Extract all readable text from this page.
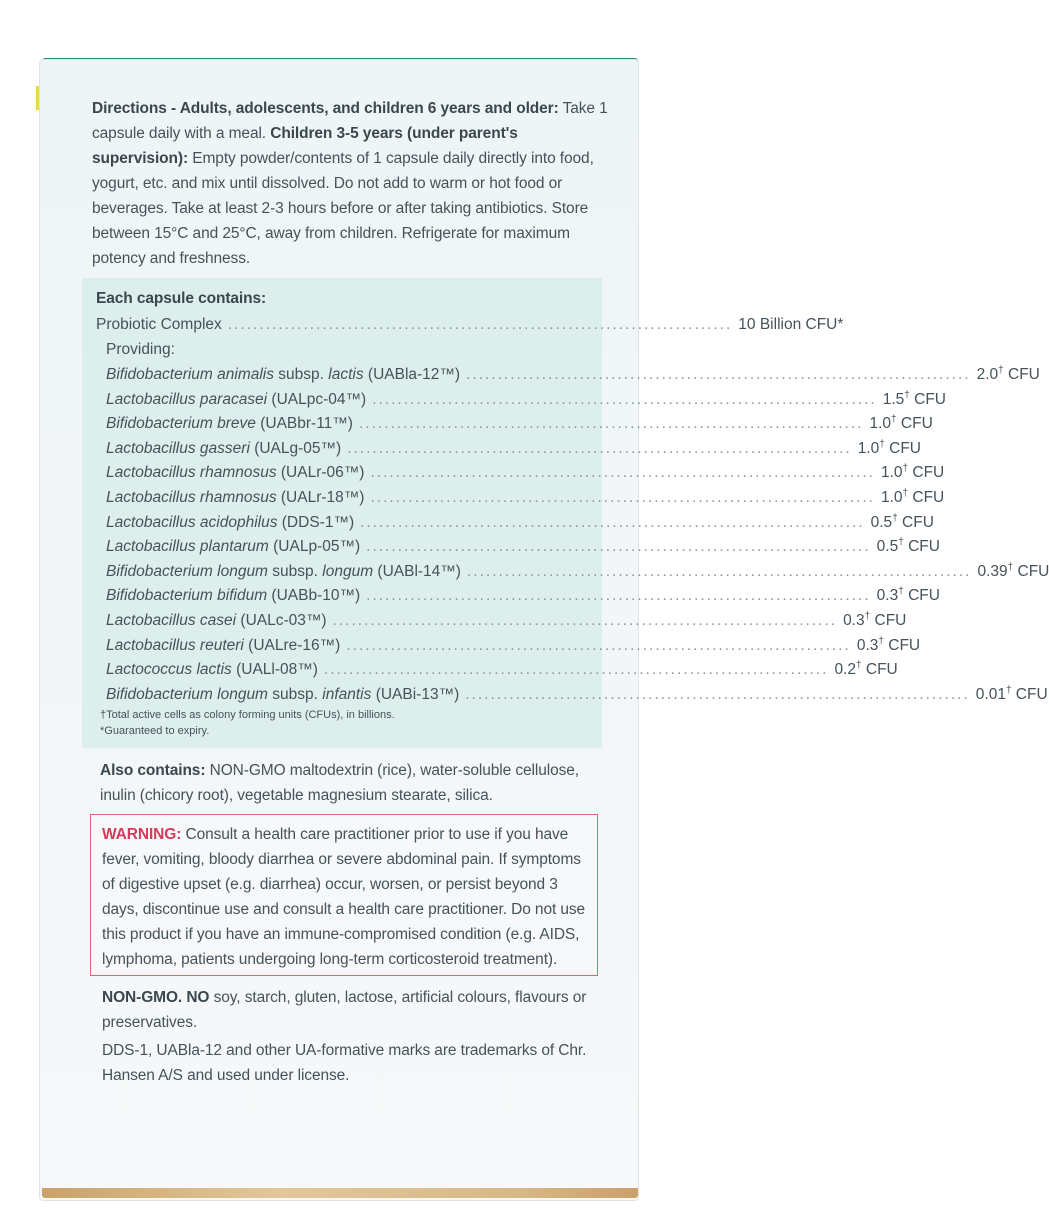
Directions - Adults, adolescents, and children 6 years and older: Take 1 capsule daily with a meal. Children 3-5 years (under parent's supervision): Empty powder/contents of 1 capsule daily directly into food, yogurt, etc. and mix until dissolved. Do not add to warm or hot food or beverages. Take at least 2-3 hours before or after taking antibiotics. Store between 15°C and 25°C, away from children. Refrigerate for maximum potency and freshness.
Each capsule contains:
Probiotic Complex ................................................................................ 10 Billion CFU*
Providing:
Bifidobacterium animalis subsp. lactis (UABla-12™) ................................................................................ 2.0† CFU
Lactobacillus paracasei (UALpc-04™) ................................................................................ 1.5† CFU
Bifidobacterium breve (UABbr-11™) ................................................................................ 1.0† CFU
Lactobacillus gasseri (UALg-05™) ................................................................................ 1.0† CFU
Lactobacillus rhamnosus (UALr-06™) ................................................................................ 1.0† CFU
Lactobacillus rhamnosus (UALr-18™) ................................................................................ 1.0† CFU
Lactobacillus acidophilus (DDS-1™) ................................................................................ 0.5† CFU
Lactobacillus plantarum (UALp-05™) ................................................................................ 0.5† CFU
Bifidobacterium longum subsp. longum (UABl-14™) ................................................................................ 0.39† CFU
Bifidobacterium bifidum (UABb-10™) ................................................................................ 0.3† CFU
Lactobacillus casei (UALc-03™) ................................................................................ 0.3† CFU
Lactobacillus reuteri (UALre-16™) ................................................................................ 0.3† CFU
Lactococcus lactis (UALl-08™) ................................................................................ 0.2† CFU
Bifidobacterium longum subsp. infantis (UABi-13™) ................................................................................ 0.01† CFU
†Total active cells as colony forming units (CFUs), in billions.
*Guaranteed to expiry.
Also contains: NON-GMO maltodextrin (rice), water-soluble cellulose, inulin (chicory root), vegetable magnesium stearate, silica.
WARNING: Consult a health care practitioner prior to use if you have fever, vomiting, bloody diarrhea or severe abdominal pain. If symptoms of digestive upset (e.g. diarrhea) occur, worsen, or persist beyond 3 days, discontinue use and consult a health care practitioner. Do not use this product if you have an immune-compromised condition (e.g. AIDS, lymphoma, patients undergoing long-term corticosteroid treatment).
NON-GMO. NO soy, starch, gluten, lactose, artificial colours, flavours or preservatives.
DDS-1, UABla-12 and other UA-formative marks are trademarks of Chr. Hansen A/S and used under license.
